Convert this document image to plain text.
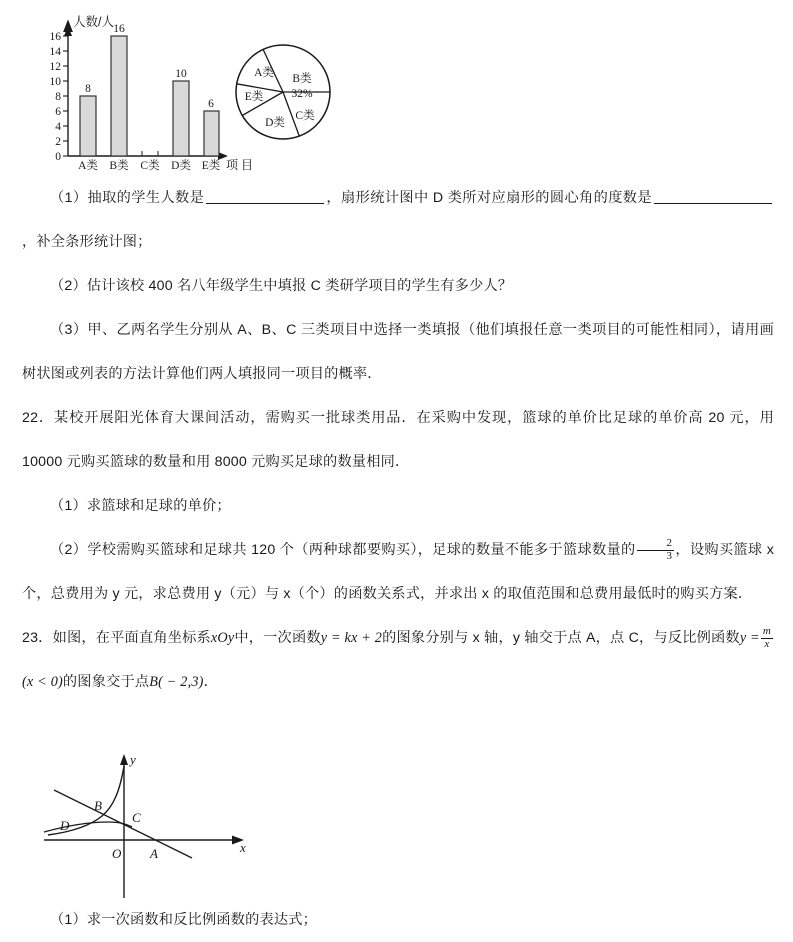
0
2
4
6
8
10
12
14
16
人数/人
8
16
10
6
A类 B类 C类 D类 E类 项 目
B类
32%
C类
D类
E类
A类

（1）抽取的学生人数是	，扇形统计图中 D 类所对应扇形的圆心角的度数是，补全条形统计图；

（2）估计该校 400 名八年级学生中填报 C 类研学项目的学生有多少人？

（3）甲、乙两名学生分别从 A、B、C 三类项目中选择一类填报（他们填报任意一类项目的可能性相同），请用画树状图或列表的方法计算他们两人填报同一项目的概率．

22．某校开展阳光体育大课间活动，需购买一批球类用品．在采购中发现，篮球的单价比足球的单价高 20 元，用 10000 元购买篮球的数量和用 8000 元购买足球的数量相同．

（1）求篮球和足球的单价；

（2）学校需购买篮球和足球共 120 个（两种球都要购买），足球的数量不能多于篮球数量的 $\frac{2}{3}$ ，设购买篮球 x 个，总费用为 y 元，求总费用 y（元）与 x（个）的函数关系式，并求出 x 的取值范围和总费用最低时的购买方案．

23．如图，在平面直角坐标系xOy中，一次函数y = kx + 2的图象分别与 x 轴，y 轴交于点 A，点 C，与反比例函数$y = \frac{m}{x}$
(x < 0)的图象交于点B( − 2,3)．

y
x
O A
B
C
D

（1）求一次函数和反比例函数的表达式；
